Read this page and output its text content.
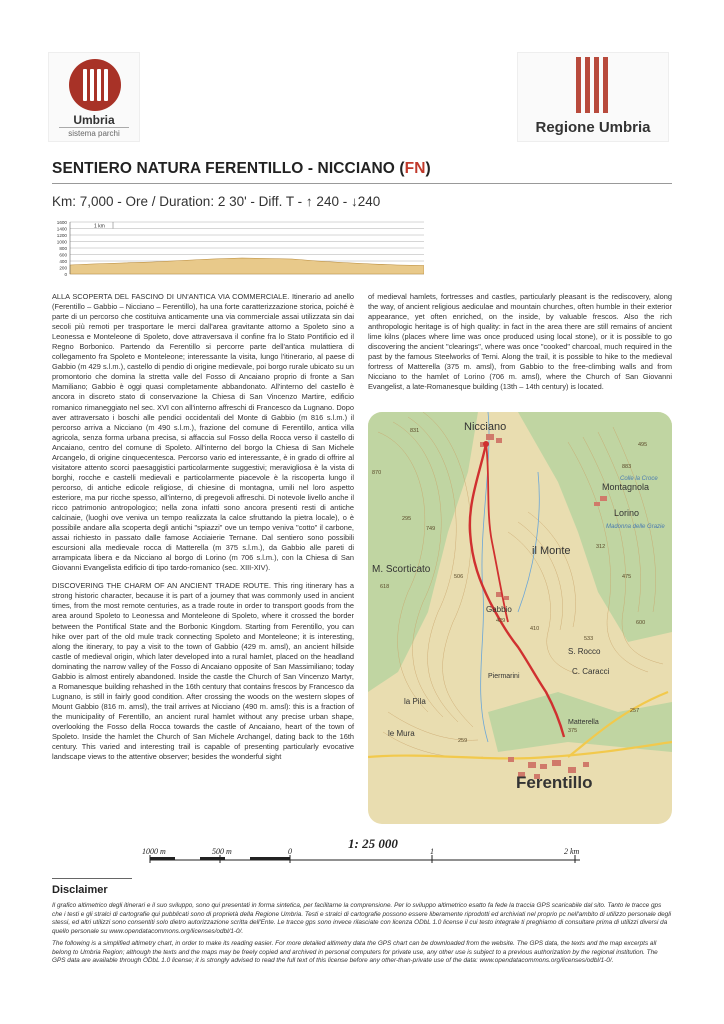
Umbria
sistema parchi	Regione Umbria
SENTIERO NATURA FERENTILLO - NICCIANO (FN)
Km: 7,000 - Ore / Duration: 2 30' - Diff. T - ↑ 240 - ↓240
1 km
1600
1400
1200
1000
800
600
400
200
0

ALLA SCOPERTA DEL FASCINO DI UN'ANTICA VIA COMMERCIALE. Itinerario ad anello (Ferentillo – Gabbio – Nicciano – Ferentillo), ha una forte caratterizzazione storica, poiché è parte di un percorso che costituiva anticamente una via commerciale assai utilizzata sin dai secoli più remoti per trasportare le merci dall'area gravitante attorno a Spoleto sino a Leonessa e Monteleone di Spoleto, dove attraversava il confine fra lo Stato Pontificio ed il Regno Borbonico. Partendo da Ferentillo si percorre parte dell'antica mulattiera di collegamento fra Spoleto e Monteleone; interessante la visita, lungo l'itinerario, al paese di Gabbio (m 429 s.l.m.), castello di pendio di origine medievale, poi borgo rurale ubicato su un promontorio che domina la stretta valle del Fosso di Ancaiano proprio di fronte a San Mamiliano; Gabbio è oggi quasi completamente abbandonato. All'interno del castello è ancora in discreto stato di conservazione la Chiesa di San Vincenzo Martire, edificio romanico rimaneggiato nel sec. XVI con all'interno affreschi di Francesco da Lugnano. Dopo aver attraversato i boschi alle pendici occidentali del Monte di Gabbio (m 816 s.l.m.) il percorso arriva a Nicciano (m 490 s.l.m.), frazione del comune di Ferentillo, antica villa agricola, senza forma urbana precisa, si affaccia sul Fosso della Rocca verso il castello di Ancaiano, centro del comune di Spoleto. All'interno del borgo la Chiesa di San Michele Arcangelo, di origine cinquecentesca. Percorso vario ed interessante, è in grado di offrire al visitatore attento scorci paesaggistici particolarmente suggestivi; meravigliosa è la vista di borghi, rocche e castelli medievali e particolarmente piacevole è la riscoperta lungo il percorso, di antiche edicole religiose, di chiesine di montagna, umili nel loro aspetto esteriore, ma pur ricche spesso, all'interno, di pregevoli affreschi. Di notevole livello anche il ricco patrimonio antropologico; nella zona infatti sono ancora presenti resti di antiche calcinaie, (luoghi ove veniva un tempo realizzata la calce sfruttando la pietra locale), o è possibile andare alla scoperta degli antichi "spiazzi" ove un tempo veniva "cotto" il carbone, assai richiesto in passato dalle famose Acciaierie Ternane. Dal sentiero sono possibili escursioni alla medievale rocca di Matterella (m 375 s.l.m.), da Gabbio alle pareti di arrampicata libera e da Nicciano al borgo di Lorino (m 706 s.l.m.), con la Chiesa di San Giovanni Evangelista edificio di tipo tardo-romanico (sec. XIII-XIV).

DISCOVERING THE CHARM OF AN ANCIENT TRADE ROUTE. This ring itinerary has a strong historic character, because it is part of a journey that was commonly used in ancient times, from the most remote centuries, as a trade route in order to transport goods from the area around Spoleto to Leonessa and Monteleone di Spoleto, where it crossed the border between the Pontifical State and the Borbonic Kingdom. Starting from Ferentillo, you can hike over part of the old mule track connecting Spoleto and Monteleone; it is interesting, along the itinerary, to pay a visit to the town of Gabbio (429 m. amsl), an ancient hillside castle of medieval origin, which later developed into a rural hamlet, placed on the headland dominating the narrow valley of the Fosso di Ancaiano opposite of San Massimiliano; today Gabbio is almost entirely abandoned. Inside the castle the Church of San Vincenzo Martyr, a Romanesque building rehashed in the 16th century that contains frescos by Francesco da Lugnano, is still in fairly good condition. After crossing the woods on the western slopes of Mount Gabbio (816 m. amsl), the trail arrives at Nicciano (490 m. amsl): this is a fraction of the municipality of Ferentillo, an ancient rural hamlet without any precise urban shape, overlooking the Fosso della Rocca towards the castle of Ancaiano, heart of the town of Spoleto. Inside the hamlet the Church of San Michele Archangel, dating back to the 16th century. This varied and interesting trail is capable of presenting particularly evocative landscape views to the attentive observer; besides the wonderful sight

of medieval hamlets, fortresses and castles, particularly pleasant is the rediscovery, along the way, of ancient religious aediculae and mountain churches, often humble in their exterior appearance, yet often enriched, on the inside, by valuable frescos. Also the rich anthropologic heritage is of high quality: in fact in the area there are still remains of ancient lime kilns (places where lime was once produced using local stone), or it is possible to go discovering the ancient "clearings", where was once "cooked" charcoal, much required in the past by the famous Steelworks of Terni. Along the trail, it is possible to hike to the medieval fortress of Matterella (375 m. amsl), from Gabbio to the free-climbing walls and from Nicciano to the hamlet of Lorino (706 m. amsl), where the Church of San Giovanni Evangelist, a late-Romanesque building (13th – 14th century) is located.
Nicciano
Montagnola
Lorino
Madonna delle Grazie
Colle la Croce
il Monte
M. Scorticato
Gabbio
S. Rocco
C. Caracci
la Pila
le Mura
Matterella
Piermarini
Ferentillo
831
870
749
495
618
506
295
312
475
410
429
533
375
600
883
257
259
1: 25 000
1000 m	500 m	0	1	2 km
Disclaimer
Il grafico altimetrico degli itinerari e il suo sviluppo, sono qui presentati in forma sintetica, per facilitarne la comprensione. Per lo sviluppo altimetrico esatto fa fede la traccia GPS scaricabile dal sito. Tanto le tracce gps che i testi e gli stralci di cartografie qui pubblicati sono di proprietà della Regione Umbria. Testi e stralci di cartografie possono essere liberamente riprodotti ed archiviati nel proprio pc nell'ambito di utilizzo personale degli stessi, ed altri utilizzi sono consentiti solo dietro autorizzazione scritta dell'Ente. Le tracce gps sono invece rilasciate con licenza ODbL 1.0 license il cui testo integrale ti preghiamo di consultare prima di utilizzi diversi da quello personale su www.opendatacommons.org/licenses/odbl/1-0/.
The following is a simplified altimetry chart, in order to make its reading easier. For more detailed altimetry data the GPS chart can be downloaded from the website. The GPS data, the texts and the map excerpts all belong to Umbria Region; although the texts and the maps may be freely copied and archived in personal computers for private use, any other use is subject to a previous authorization by the regional institution. The GPS data are available through ODbL 1.0 license; it is strongly advised to read the full text of this license before any other-than-private use of the data: www.opendatacommons.org/licenses/odbl/1-0/.
